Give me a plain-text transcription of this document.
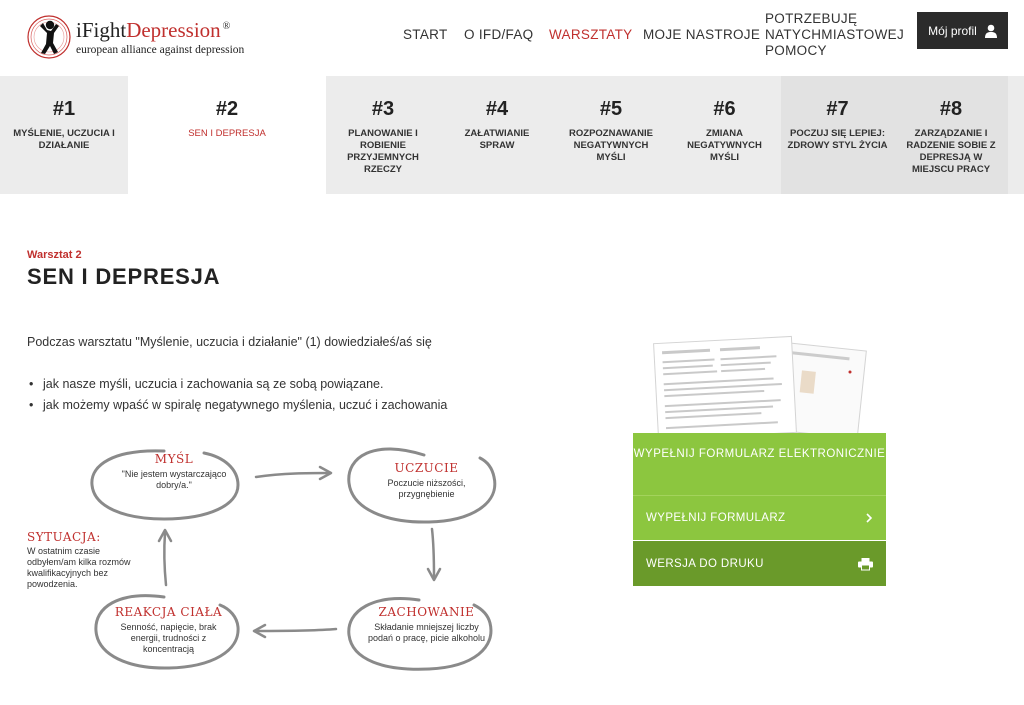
iFightDepression ®
european alliance against depression
START O IFD/FAQ WARSZTATY MOJE NASTROJE
POTRZEBUJĘ NATYCHMIASTOWEJ POMOCY
Mój profil
#1
MYŚLENIE, UCZUCIA I DZIAŁANIE
#2
SEN I DEPRESJA
#3
PLANOWANIE I ROBIENIE PRZYJEMNYCH RZECZY
#4
ZAŁATWIANIE SPRAW
#5
ROZPOZNAWANIE NEGATYWNYCH MYŚLI
#6
ZMIANA NEGATYWNYCH MYŚLI
#7
POCZUJ SIĘ LEPIEJ: ZDROWY STYL ŻYCIA
#8
ZARZĄDZANIE I RADZENIE SOBIE Z DEPRESJĄ W MIEJSCU PRACY
Warsztat 2
SEN I DEPRESJA

Podczas warsztatu "Myślenie, uczucia i działanie" (1) dowiedziałeś/aś się

• jak nasze myśli, uczucia i zachowania są ze sobą powiązane.
• jak możemy wpaść w spiralę negatywnego myślenia, uczuć i zachowania
MYŚL
"Nie jestem wystarczająco dobry/a."
UCZUCIE
Poczucie niższości, przygnębienie
ZACHOWANIE
Składanie mniejszej liczby podań o pracę, picie alkoholu
REAKCJA CIAŁA
Senność, napięcie, brak energii, trudności z koncentracją
SYTUACJA:
W ostatnim czasie odbyłem/am kilka rozmów kwalifikacyjnych bez powodzenia.
WYPEŁNIJ FORMULARZ ELEKTRONICZNIE
WYPEŁNIJ FORMULARZ
WERSJA DO DRUKU
